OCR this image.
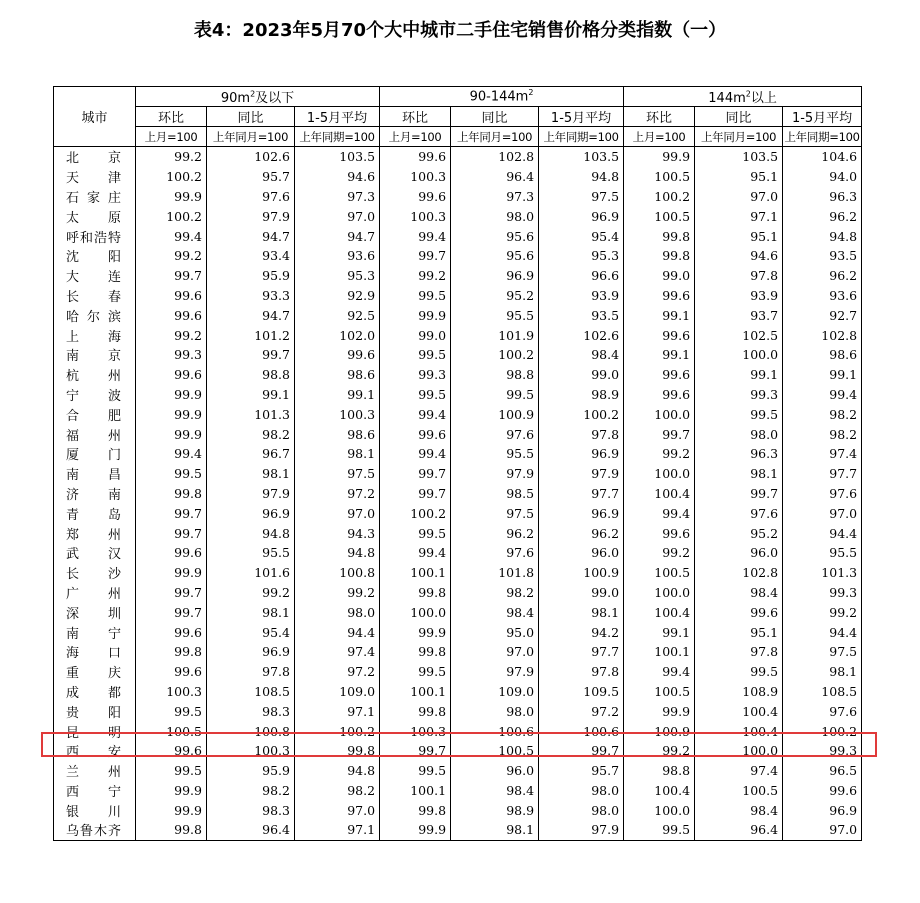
表4：2023年5月70个大中城市二手住宅销售价格分类指数（一）
城市	$90m^2$及以下			$90-144m^2$			$144m^2$以上		
	环比	同比	1-5月平均	环比	同比	1-5月平均	环比	同比	1-5月平均
	上月=100	上年同月=100	上年同期=100	上月=100	上年同月=100	上年同期=100	上月=100	上年同月=100	上年同期=100
北京	99.2	102.6	103.5	99.6	102.8	103.5	99.9	103.5	104.6
天津	100.2	95.7	94.6	100.3	96.4	94.8	100.5	95.1	94.0
石家庄	99.9	97.6	97.3	99.6	97.3	97.5	100.2	97.0	96.3
太原	100.2	97.9	97.0	100.3	98.0	96.9	100.5	97.1	96.2
呼和浩特	99.4	94.7	94.7	99.4	95.6	95.4	99.8	95.1	94.8
沈阳	99.2	93.4	93.6	99.7	95.6	95.3	99.8	94.6	93.5
大连	99.7	95.9	95.3	99.2	96.9	96.6	99.0	97.8	96.2
长春	99.6	93.3	92.9	99.5	95.2	93.9	99.6	93.9	93.6
哈尔滨	99.6	94.7	92.5	99.9	95.5	93.5	99.1	93.7	92.7
上海	99.2	101.2	102.0	99.0	101.9	102.6	99.6	102.5	102.8
南京	99.3	99.7	99.6	99.5	100.2	98.4	99.1	100.0	98.6
杭州	99.6	98.8	98.6	99.3	98.8	99.0	99.6	99.1	99.1
宁波	99.9	99.1	99.1	99.5	99.5	98.9	99.6	99.3	99.4
合肥	99.9	101.3	100.3	99.4	100.9	100.2	100.0	99.5	98.2
福州	99.9	98.2	98.6	99.6	97.6	97.8	99.7	98.0	98.2
厦门	99.4	96.7	98.1	99.4	95.5	96.9	99.2	96.3	97.4
南昌	99.5	98.1	97.5	99.7	97.9	97.9	100.0	98.1	97.7
济南	99.8	97.9	97.2	99.7	98.5	97.7	100.4	99.7	97.6
青岛	99.7	96.9	97.0	100.2	97.5	96.9	99.4	97.6	97.0
郑州	99.7	94.8	94.3	99.5	96.2	96.2	99.6	95.2	94.4
武汉	99.6	95.5	94.8	99.4	97.6	96.0	99.2	96.0	95.5
长沙	99.9	101.6	100.8	100.1	101.8	100.9	100.5	102.8	101.3
广州	99.7	99.2	99.2	99.8	98.2	99.0	100.0	98.4	99.3
深圳	99.7	98.1	98.0	100.0	98.4	98.1	100.4	99.6	99.2
南宁	99.6	95.4	94.4	99.9	95.0	94.2	99.1	95.1	94.4
海口	99.8	96.9	97.4	99.8	97.0	97.7	100.1	97.8	97.5
重庆	99.6	97.8	97.2	99.5	97.9	97.8	99.4	99.5	98.1
成都	100.3	108.5	109.0	100.1	109.0	109.5	100.5	108.9	108.5
贵阳	99.5	98.3	97.1	99.8	98.0	97.2	99.9	100.4	97.6
昆明	100.5	100.8	100.2	100.3	100.6	100.6	100.9	100.4	100.2
西安	99.6	100.3	99.8	99.7	100.5	99.7	99.2	100.0	99.3
兰州	99.5	95.9	94.8	99.5	96.0	95.7	98.8	97.4	96.5
西宁	99.9	98.2	98.2	100.1	98.4	98.0	100.4	100.5	99.6
银川	99.9	98.3	97.0	99.8	98.9	98.0	100.0	98.4	96.9
乌鲁木齐	99.8	96.4	97.1	99.9	98.1	97.9	99.5	96.4	97.0
